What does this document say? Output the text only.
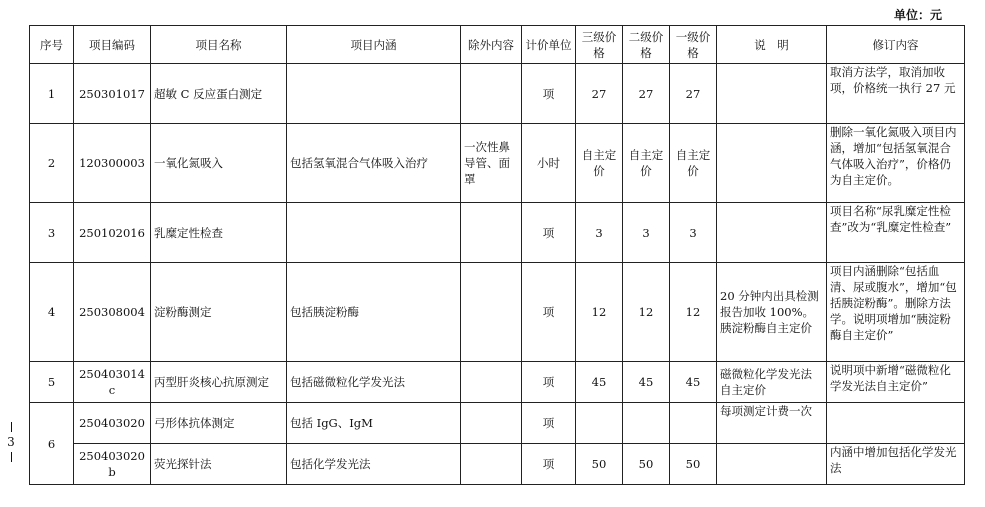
单位：元
3
序号	项目编码	项目名称	项目内涵	除外内容	计价单位	三级价格	二级价格	一级价格	说　明	修订内容
1	250301017	超敏 C 反应蛋白测定			项	27	27	27		取消方法学，取消加收项，价格统一执行 27 元
2	120300003	一氧化氮吸入	包括氢氧混合气体吸入治疗	一次性鼻导管、面罩	小时	自主定价	自主定价	自主定价		删除一氧化氮吸入项目内涵，增加“包括氢氧混合气体吸入治疗”，价格仍为自主定价。
3	250102016	乳糜定性检查			项	3	3	3		项目名称“尿乳糜定性检查”改为“乳糜定性检查”
4	250308004	淀粉酶测定	包括胰淀粉酶		项	12	12	12	20 分钟内出具检测报告加收 100%。胰淀粉酶自主定价	项目内涵删除“包括血清、尿或腹水”，增加“包括胰淀粉酶”。删除方法学。说明项增加“胰淀粉酶自主定价”
5	250403014c	丙型肝炎核心抗原测定	包括磁微粒化学发光法		项	45	45	45	磁微粒化学发光法自主定价	说明项中新增“磁微粒化学发光法自主定价”
6	250403020	弓形体抗体测定	包括 IgG、IgM		项				每项测定计费一次	
	250403020b	荧光探针法	包括化学发光法		项	50	50	50		内涵中增加包括化学发光法
